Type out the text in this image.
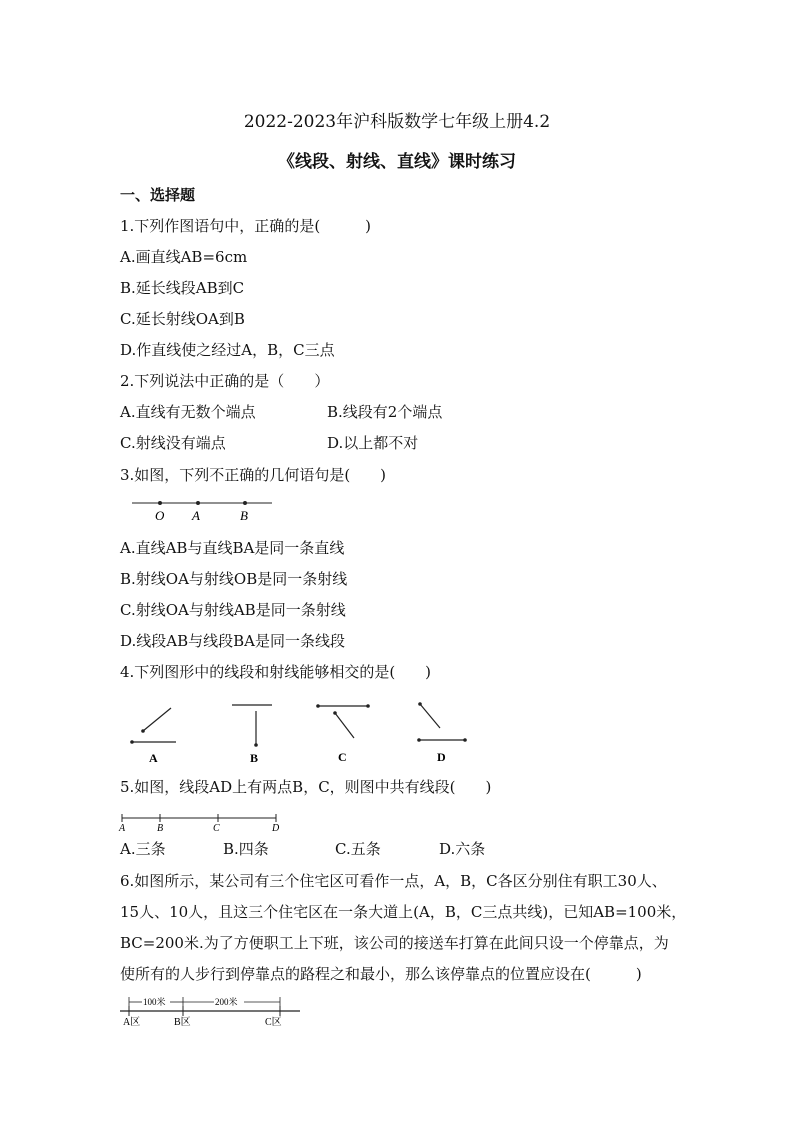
2022-2023年沪科版数学七年级上册4.2
《线段、射线、直线》课时练习
一、选择题
1.下列作图语句中，正确的是(　　　)
A.画直线AB=6cm
B.延长线段AB到C
C.延长射线OA到B
D.作直线使之经过A，B，C三点
2.下列说法中正确的是（　　）
A.直线有无数个端点	B.线段有2个端点
C.射线没有端点	D.以上都不对
3.如图，下列不正确的几何语句是(　　)
O A	B
A.直线AB与直线BA是同一条直线
B.射线OA与射线OB是同一条射线
C.射线OA与射线AB是同一条射线
D.线段AB与线段BA是同一条线段
4.下列图形中的线段和射线能够相交的是(　　)
A	B	C	D
5.如图，线段AD上有两点B，C，则图中共有线段(　　)
A	B	C	D
A.三条	B.四条	C.五条	D.六条
6.如图所示，某公司有三个住宅区可看作一点，A，B，C各区分别住有职工30人、
15人、10人，且这三个住宅区在一条大道上(A，B，C三点共线)，已知AB=100米，
BC=200米.为了方便职工上下班，该公司的接送车打算在此间只设一个停靠点，为
使所有的人步行到停靠点的路程之和最小，那么该停靠点的位置应设在(　　　)
100米	200米
A区	B区	C区
